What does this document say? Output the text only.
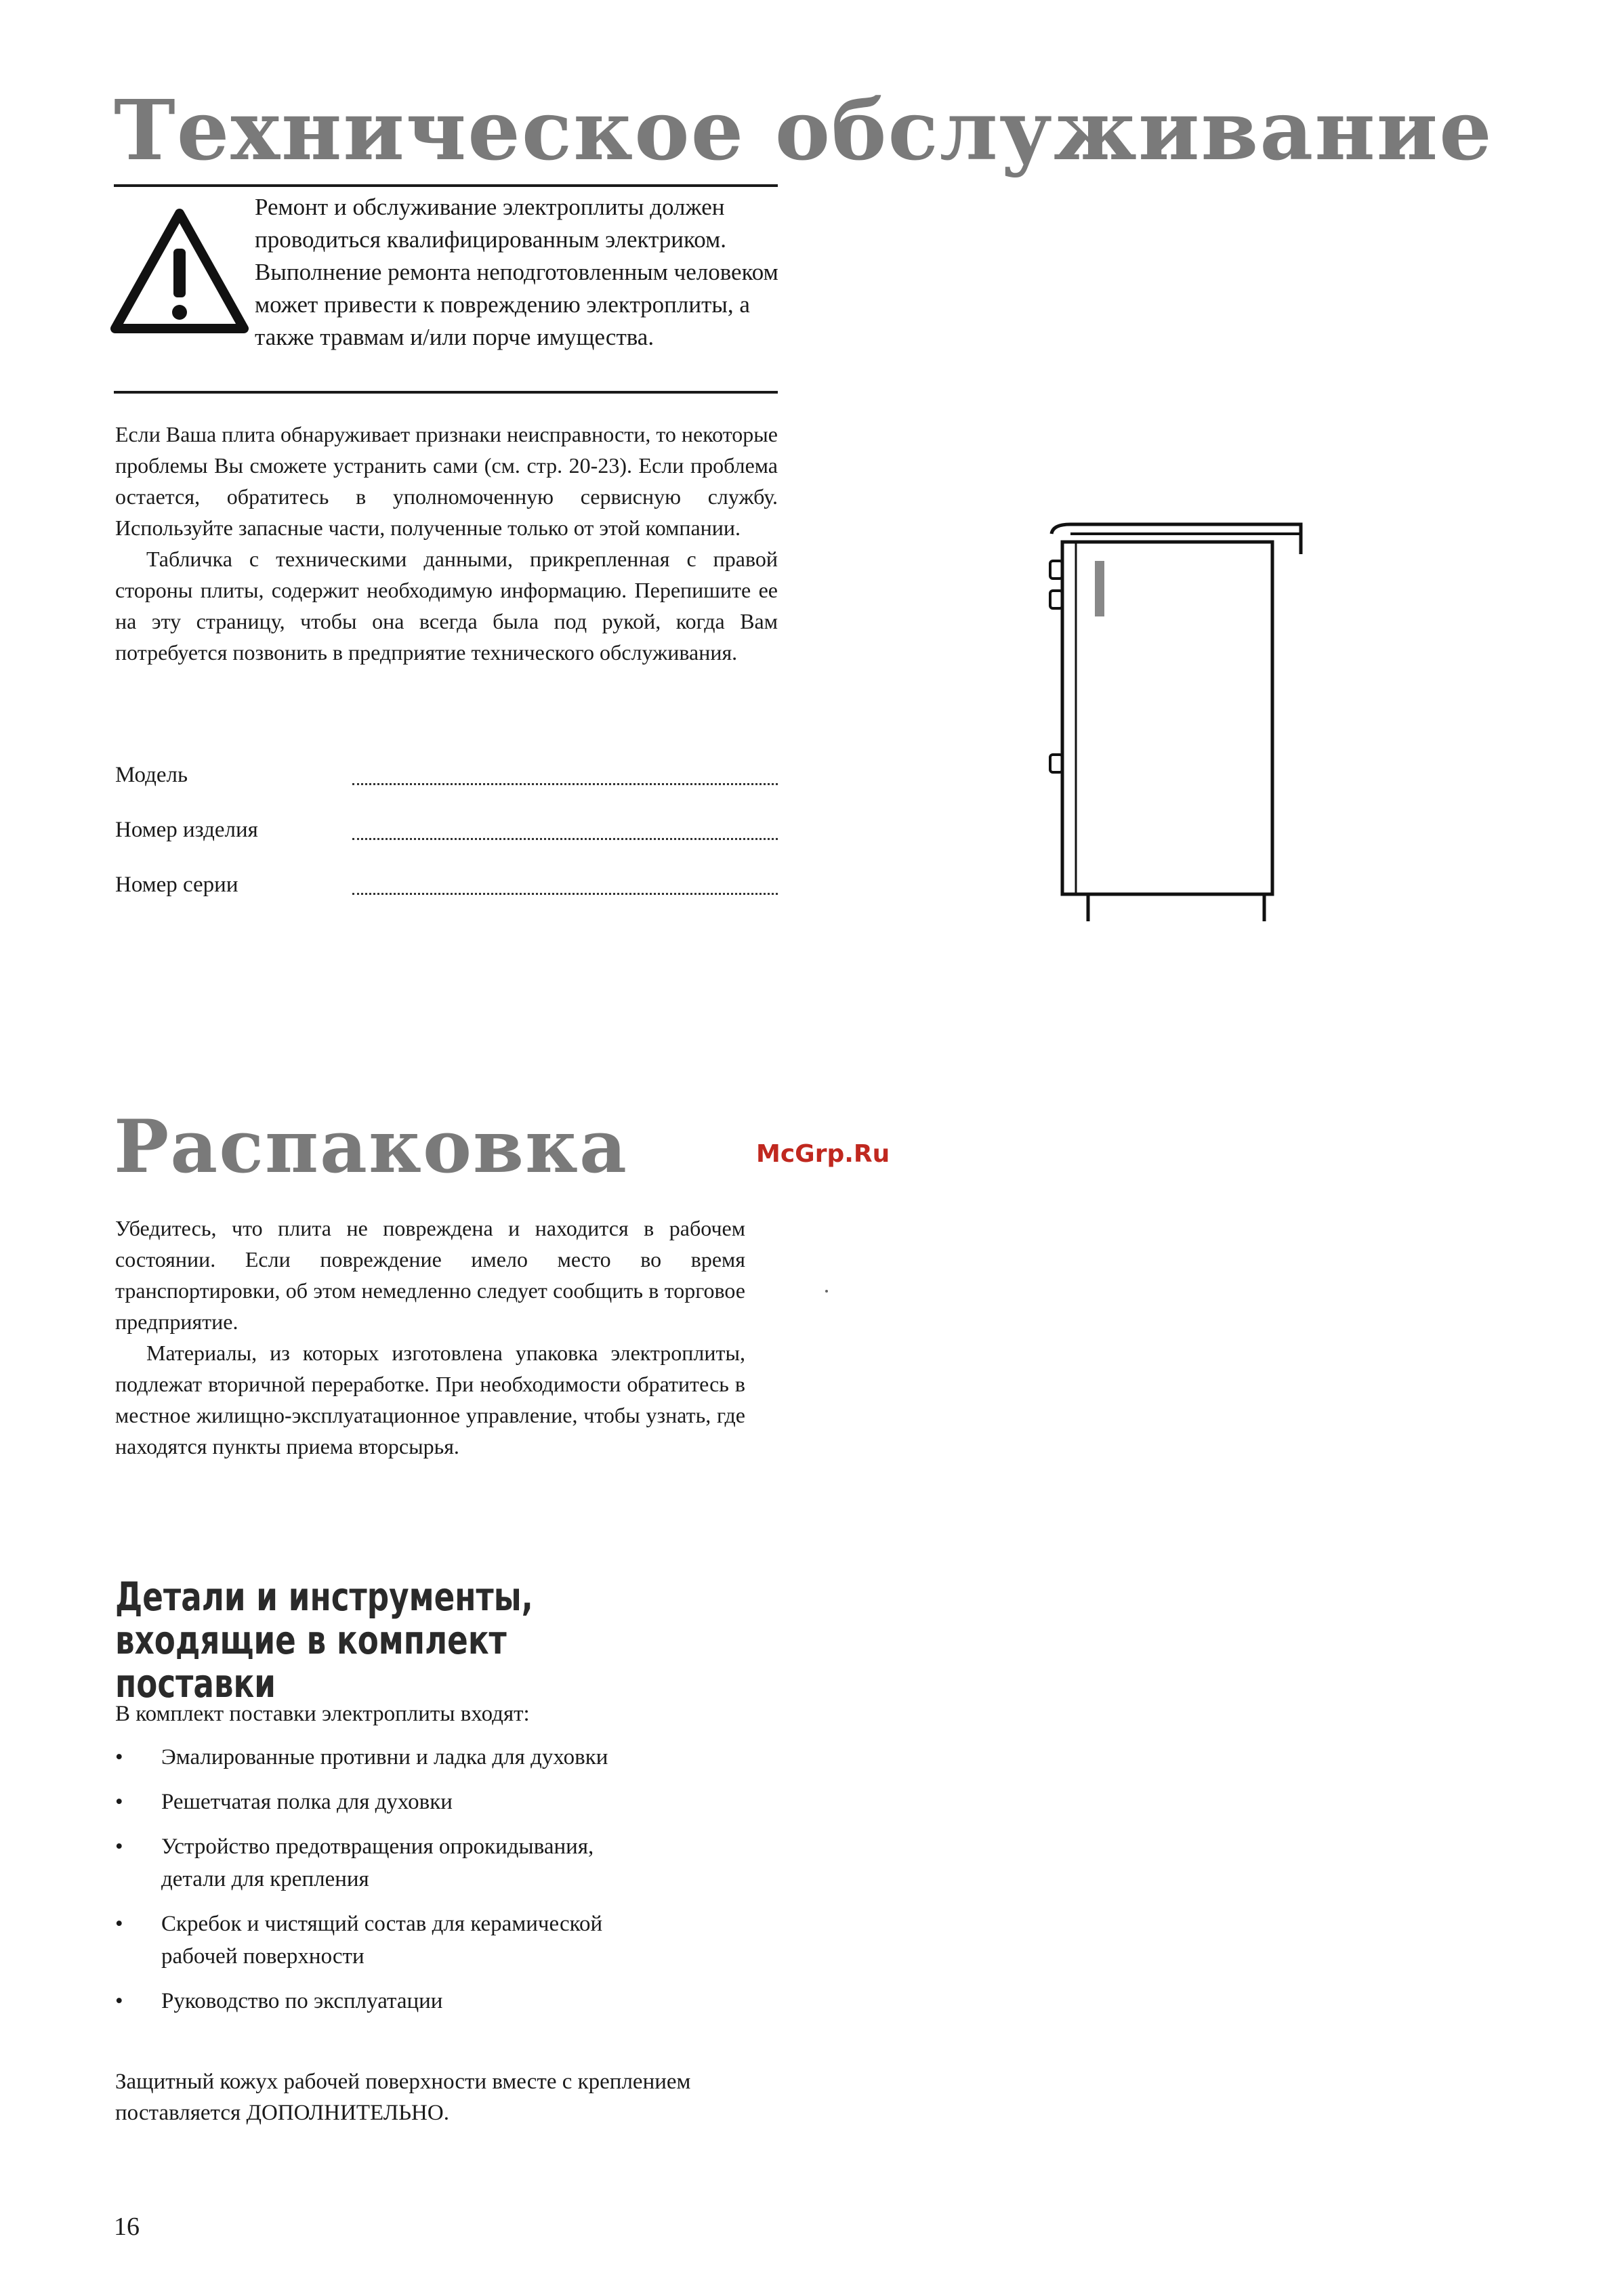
Техническое обслуживание
Ремонт и обслуживание электроплиты должен проводиться квалифицированным электриком. Выполнение ремонта неподготовленным человеком может привести к повреждению электроплиты, а также травмам и/или порче имущества.

Если Ваша плита обнаруживает признаки неисправности, то некоторые проблемы Вы сможете устранить сами (см. стр. 20-23). Если проблема остается, обратитесь в уполномоченную сервисную службу. Используйте запасные части, полученные только от этой компании.

Табличка с техническими данными, прикрепленная с правой стороны плиты, содержит необходимую информацию. Перепишите ее на эту страницу, чтобы она всегда была под рукой, когда Вам потребуется позвонить в предприятие технического обслуживания.

Модель
Номер изделия
Номер серии
Распаковка	McGrp.Ru

Убедитесь, что плита не повреждена и находится в рабочем состоянии. Если повреждение имело место во время транспортировки, об этом немедленно следует сообщить в торговое предприятие.

Материалы, из которых изготовлена упаковка электроплиты, подлежат вторичной переработке. При необходимости обратитесь в местное жилищно-эксплуатационное управление, чтобы узнать, где находятся пункты приема вторсырья.

Детали и инструменты, входящие в комплект поставки
В комплект поставки электроплиты входят:
• Эмалированные противни и ладка для духовки
• Решетчатая полка для духовки
• Устройство предотвращения опрокидывания,
детали для крепления
• Скребок и чистящий состав для керамической
рабочей поверхности
• Руководство по эксплуатации
Защитный кожух рабочей поверхности вместе с креплением поставляется ДОПОЛНИТЕЛЬНО.
16
